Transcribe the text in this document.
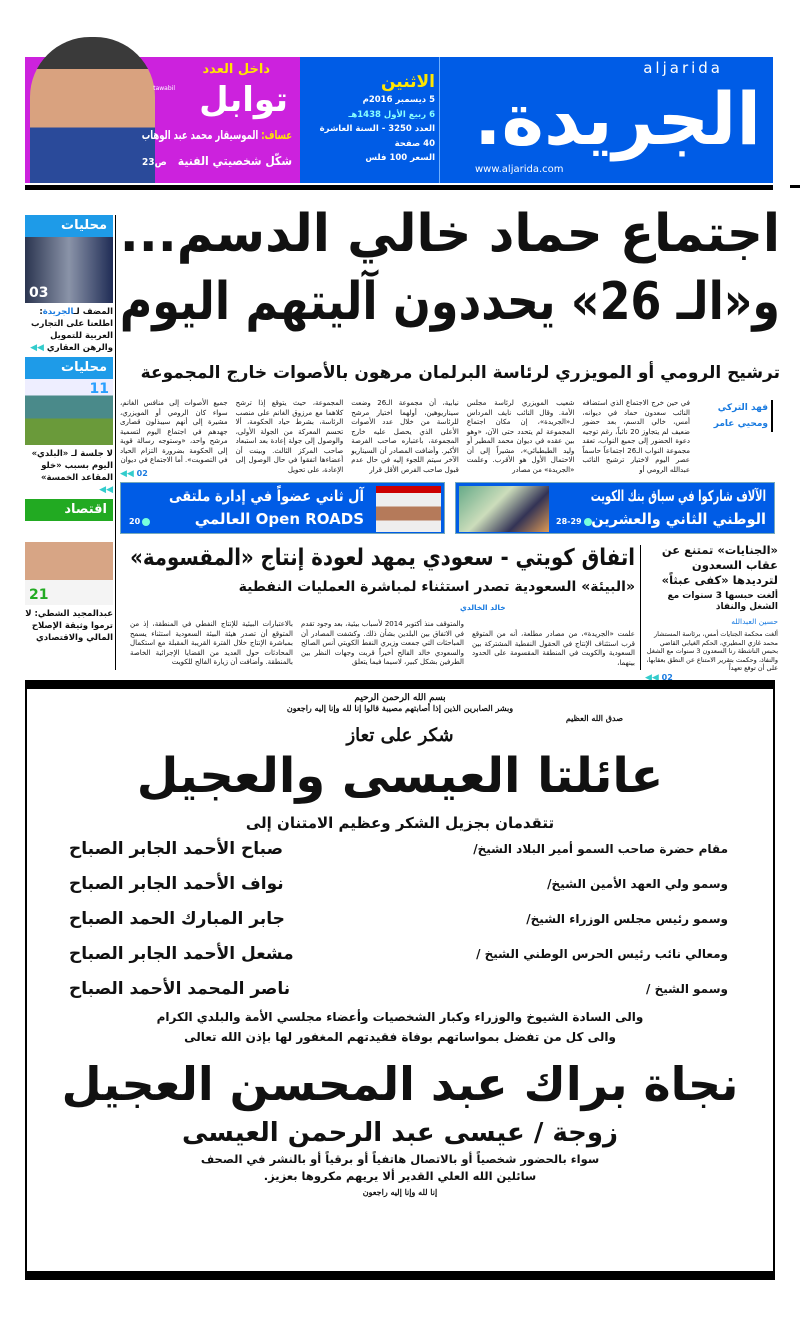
داخل العدد
توابل
tawabil
عساف: الموسيقار محمد عبد الوهاب
شكّل شخصيتي الفنية ص23
aljarida
الجريدة.
www.aljarida.com
الاثنين
5 ديسمبر 2016م
6 ربيع الأول 1438هـ
العدد 3250 - السنة العاشرة
40 صفحة
السعر 100 فلس
محليات
03
المضف لـالجريدة: اطلعنا على التجارب العربية للتمويل والرهن العقاري ◀◀
محليات
11
لا جلسة لـ «البلدي» اليوم بسبب «خلو المقاعد الخمسة» ◀◀
اقتصاد
21
عبدالمجيد الشطي: لا ترموا وثيقة الإصلاح المالي والاقتصادي
اجتماع حماد خالي الدسم...
و«الـ 26» يحددون آليتهم اليوم
ترشيح الرومي أو المويزري لرئاسة البرلمان مرهون بالأصوات خارج المجموعة
فهد التركي
ومحيي عامر

في حين خرج الاجتماع الذي استضافه النائب سعدون حماد في ديوانه، أمس، خالي الدسم، بعد حضور ضعيف لم يتجاوز 20 نائباً، رغم توجيه دعوة الحضور إلى جميع النواب، تعقد مجموعة النواب الـ26 اجتماعاً حاسماً عصر اليوم لاختيار ترشيح النائب عبدالله الرومي أو

شعيب المويزري لرئاسة مجلس الأمة. وقال النائب نايف المرداس لـ«الجريدة»، إن مكان اجتماع المجموعة لم يتحدد حتى الآن، «وهو بين عقده في ديوان محمد المطير أو وليد الطبطبائي»، مشيراً إلى أن الاحتمال الأول هو الأقرب. وعلمت «الجريدة» من مصادر

نيابية، أن مجموعة الـ26 وضعت سيناريوهين، أولهما اختيار مرشح للرئاسة من خلال عدد الأصوات الأعلى الذي يحصل عليه خارج المجموعة، باعتباره صاحب الفرصة الأكبر. وأضافت المصادر أن السيناريو الآخر سيتم اللجوء إليه في حال عدم قبول صاحب الفرص الأقل قرار

المجموعة، حيث يتوقع إذا ترشح كلاهما مع مرزوق الغانم على منصب الرئاسة، بشرط حياد الحكومة، ألا تحسم المعركة من الجولة الأولى، والوصول إلى جولة إعادة بعد استبعاد صاحب المركز الثالث. وبينت أن أعضاءها اتفقوا في حال الوصول إلى الإعادة، على تحويل

جميع الأصوات إلى منافس الغانم، سواء كان الرومي أو المويزري، مشيرة إلى أنهم سيبذلون قصارى جهدهم في اجتماع اليوم لتسمية مرشح واحد، «وستوجه رسالة قوية إلى الحكومة بضرورة التزام الحياد في التصويت». أما الاجتماع في ديوان

02 ◀◀
الآلاف شاركوا في سباق بنك الكويت
الوطني الثاني والعشرين
28-29
آل ثاني عضواً في إدارة ملتقى
Open ROADS العالمي
20
«الجنايات» تمتنع عن عقاب السعدون لترديدها «كفى عبثاً»
ألغت حبسها 3 سنوات مع الشغل والنفاذ
حسين العبدالله

ألغت محكمة الجنايات أمس، برئاسة المستشار محمد غازي المطيري، الحكم الغيابي القاضي بحبس الناشطة رنا السعدون 3 سنوات مع الشغل والنفاذ، وحكمت بتقرير الامتناع عن النطق بعقابها، على أن توقع تعهداً

02 ◀◀
اتفاق كويتي - سعودي يمهد لعودة إنتاج «المقسومة»
«البيئة» السعودية تصدر استثناء لمباشرة العمليات النفطية
خالد الخالدي

علمت «الجريدة»، من مصادر مطلعة، أنه من المتوقع قرب استئناف الإنتاج في الحقول النفطية المشتركة بين السعودية والكويت في المنطقة المقسومة على الحدود بينهما،

والمتوقف منذ أكتوبر 2014 لأسباب بيئية، بعد وجود تقدم في الاتفاق بين البلدين بشأن ذلك. وكشفت المصادر أن المباحثات التي جمعت وزيري النفط الكويتي أنس الصالح والسعودي خالد الفالح أخيراً قربت وجهات النظر بين الطرفين بشكل كبير، لاسيما فيما يتعلق

بالاعتبارات البيئية للإنتاج النفطي في المنطقة، إذ من المتوقع أن تصدر هيئة البيئة السعودية استثناء يسمح بمباشرة الإنتاج خلال الفترة القريبة المقبلة مع استكمال المحادثات حول العديد من القضايا الإجرائية الخاصة بالمنطقة. وأضافت أن زيارة الفالح للكويت

بسم الله الرحمن الرحيم
وبشر الصابرين الذين إذا أصابتهم مصيبة قالوا إنا لله وإنا إليه راجعون
صدق الله العظيم
شكر على تعاز
عائلتا العيسى والعجيل
تتقدمان بجزيل الشكر وعظيم الامتنان إلى
مقام حضرة صاحب السمو أمير البلاد الشيخ/
صباح الأحمد الجابر الصباح
وسمو ولي العهد الأمين الشيخ/
نواف الأحمد الجابر الصباح
وسمو رئيس مجلس الوزراء الشيخ/
جابر المبارك الحمد الصباح
ومعالي نائب رئيس الحرس الوطني الشيخ /
مشعل الأحمد الجابر الصباح
وسمو الشيخ /
ناصر المحمد الأحمد الصباح
والى السادة الشيوخ والوزراء وكبار الشخصيات وأعضاء مجلسي الأمة والبلدي الكرام
والى كل من تفضل بمواساتهم بوفاة فقيدتهم المغفور لها بإذن الله تعالى
نجاة براك عبد المحسن العجيل
زوجة / عيسى عبد الرحمن العيسى
سواء بالحضور شخصياً أو بالاتصال هاتفياً أو برقياً أو بالنشر في الصحف
سائلين الله العلي القدير ألا يريهم مكروها بعزيز.
إنا لله وإنا إليه راجعون
